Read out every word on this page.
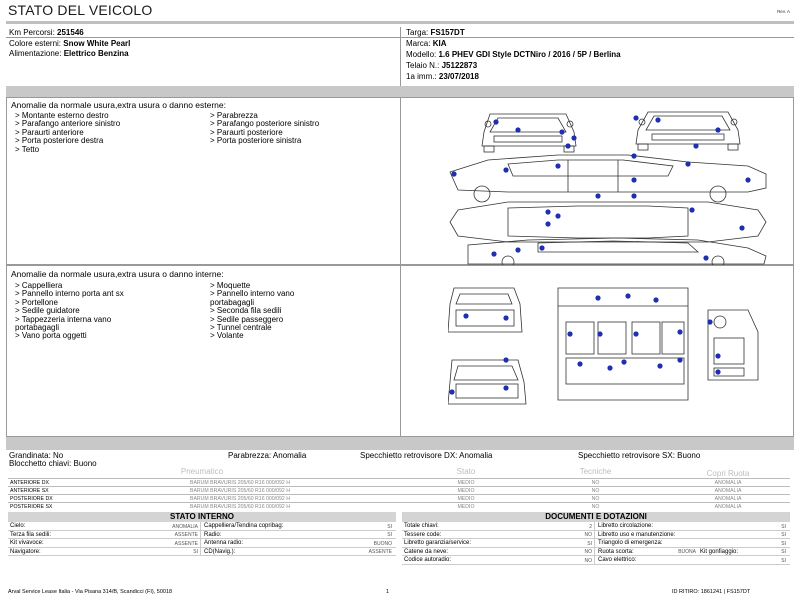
STATO DEL VEICOLO	Rev. A
Km Percorsi: 251546
Colore esterni: Snow White Pearl
Alimentazione: Elettrico Benzina
Targa: FS157DT
Marca: KIA
Modello: 1.6 PHEV GDI Style DCTNiro / 2016 / 5P / Berlina
Telaio N.: J5122873
1a imm.: 23/07/2018
Anomalie da normale usura,extra usura o danno esterne:
> Montante esterno destro
> Parafango anteriore sinistro
> Paraurti anteriore
> Porta posteriore destra
> Tetto
> Parabrezza
> Parafango posteriore sinistro
> Paraurti posteriore
> Porta posteriore sinistra
Anomalie da normale usura,extra usura o danno interne:
> Cappelliera
> Pannello interno porta ant sx
> Portellone
> Sedile guidatore
> Tappezzeria interna vano
portabagagli
> Vano porta oggetti
> Moquette
> Pannello interno vano
portabagagli
> Seconda fila sedili
> Sedile passeggero
> Tunnel centrale
> Volante
Grandinata: No	Parabrezza: Anomalia	Specchietto retrovisore DX: Anomalia	Specchietto retrovisore SX: Buono
Blocchetto chiavi: Buono
Pneumatico	Stato	Tecniche	Copri Ruota
ANTERIORE DX	BARUM BRAVURIS 205/60 R16 000/092 H	MEDIO	NO	ANOMALIA
ANTERIORE SX	BARUM BRAVURIS 205/60 R16 000/092 H	MEDIO	NO	ANOMALIA
POSTERIORE DX	BARUM BRAVURIS 205/60 R16 000/092 H	MEDIO	NO	ANOMALIA
POSTERIORE SX	BARUM BRAVURIS 205/60 R16 000/092 H	MEDIO	NO	ANOMALIA
STATO INTERNO
Cielo:	ANOMALIA Cappelliera/Tendina copribag:	SI
Terza fila sedili:	ASSENTE Radio:	SI
Kit vivavoce:	ASSENTE Antenna radio:	BUONO
Navigatore:	SI CD(Navig.):	ASSENTE
DOCUMENTI E DOTAZIONI
Totale chiavi:	2 Libretto circolazione:	SI
Tessere code:	NO Libretto uso e manutenzione:	SI
Libretto garanzia/service:	SI Triangolo di emergenza:	SI
Catene da neve:	NO Ruota scorta:	BUONA Kit gonfiaggio:	SI
Codice autoradio:	NO Cavo elettrico:	SI
Arval Service Lease Italia - Via Pisana 314/B, Scandicci (FI), 50018	1	ID RITIRO: 1861241 | FS157DT
